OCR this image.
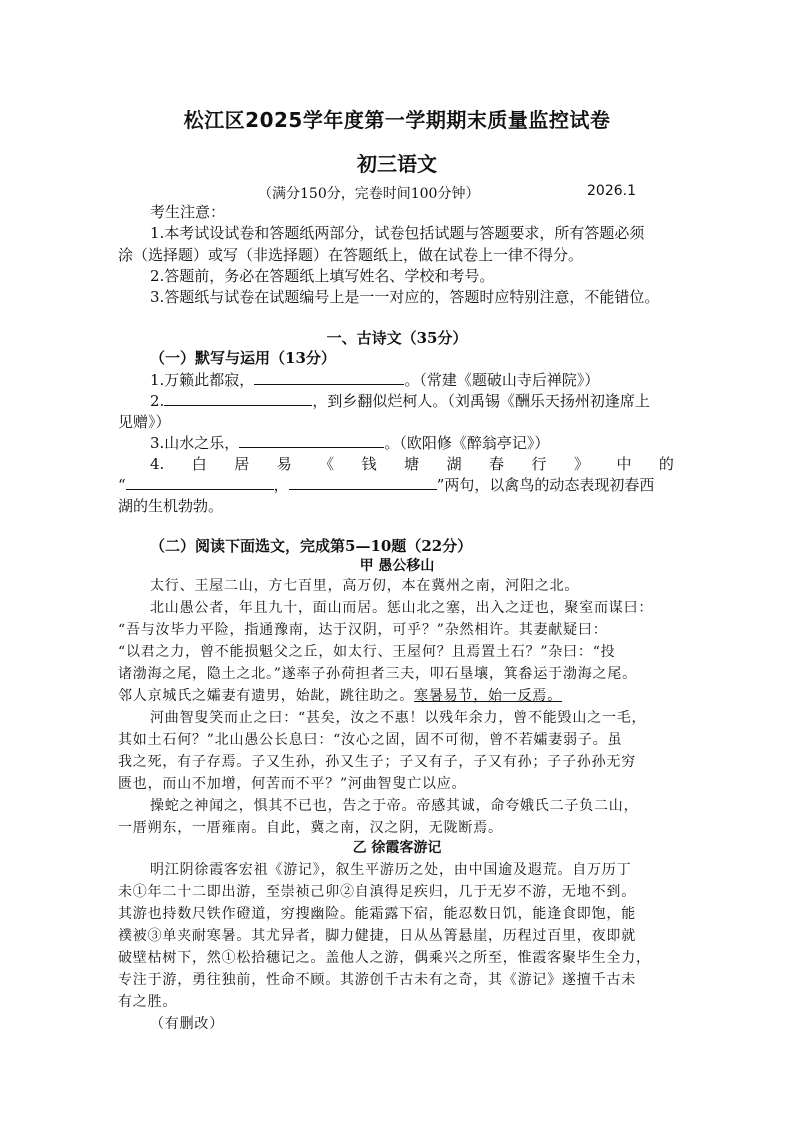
松江区2025学年度第一学期期末质量监控试卷
初三语文
（满分150分，完卷时间100分钟）	2026.1
考生注意：
1.本考试设试卷和答题纸两部分，试卷包括试题与答题要求，所有答题必须
涂（选择题）或写（非选择题）在答题纸上，做在试卷上一律不得分。
2.答题前，务必在答题纸上填写姓名、学校和考号。
3.答题纸与试卷在试题编号上是一一对应的，答题时应特别注意，不能错位。
一、古诗文（35分）
（一）默写与运用（13分）
1.万籁此都寂，	。（常建《题破山寺后禅院》）
2.	，到乡翻似烂柯人。（刘禹锡《酬乐天扬州初逢席上
见赠》）
3.山水之乐，	。（欧阳修《醉翁亭记》）
4. 白 居 易 《 钱 塘 湖 春 行 》 中 的
“	，	”两句，以禽鸟的动态表现初春西
湖的生机勃勃。
（二）阅读下面选文，完成第5—10题（22分）
甲 愚公移山
太行、王屋二山，方七百里，高万仞，本在冀州之南，河阳之北。
北山愚公者，年且九十，面山而居。惩山北之塞，出入之迂也，聚室而谋曰：
“吾与汝毕力平险，指通豫南，达于汉阴，可乎？”杂然相许。其妻献疑曰：
“以君之力，曾不能损魁父之丘，如太行、王屋何？且焉置土石？”杂曰：“投
诸渤海之尾，隐土之北。”遂率子孙荷担者三夫，叩石垦壤，箕畚运于渤海之尾。
邻人京城氏之孀妻有遗男，始龀，跳往助之。寒暑易节，始一反焉。
河曲智叟笑而止之曰：“甚矣，汝之不惠！以残年余力，曾不能毁山之一毛，
其如土石何？”北山愚公长息曰：“汝心之固，固不可彻，曾不若孀妻弱子。虽
我之死，有子存焉。子又生孙，孙又生子；子又有子，子又有孙；子子孙孙无穷
匮也，而山不加增，何苦而不平？”河曲智叟亡以应。
操蛇之神闻之，惧其不已也，告之于帝。帝感其诚，命夸娥氏二子负二山，
一厝朔东，一厝雍南。自此，冀之南，汉之阴，无陇断焉。
乙 徐霞客游记
明江阴徐霞客宏祖《游记》，叙生平游历之处，由中国逾及遐荒。自万历丁
未①年二十二即出游，至崇祯己卯②自滇得足疾归，几于无岁不游，无地不到。
其游也持数尺铁作磴道，穷搜幽险。能霜露下宿，能忍数日饥，能逢食即饱，能
襆被③单夹耐寒暑。其尤异者，脚力健捷，日从丛箐悬崖，历程过百里，夜即就
破壁枯树下，然①松拾穗记之。盖他人之游，偶乘兴之所至，惟霞客聚毕生全力，
专注于游，勇往独前，性命不顾。其游创千古未有之奇，其《游记》遂擅千古未
有之胜。
（有删改）
